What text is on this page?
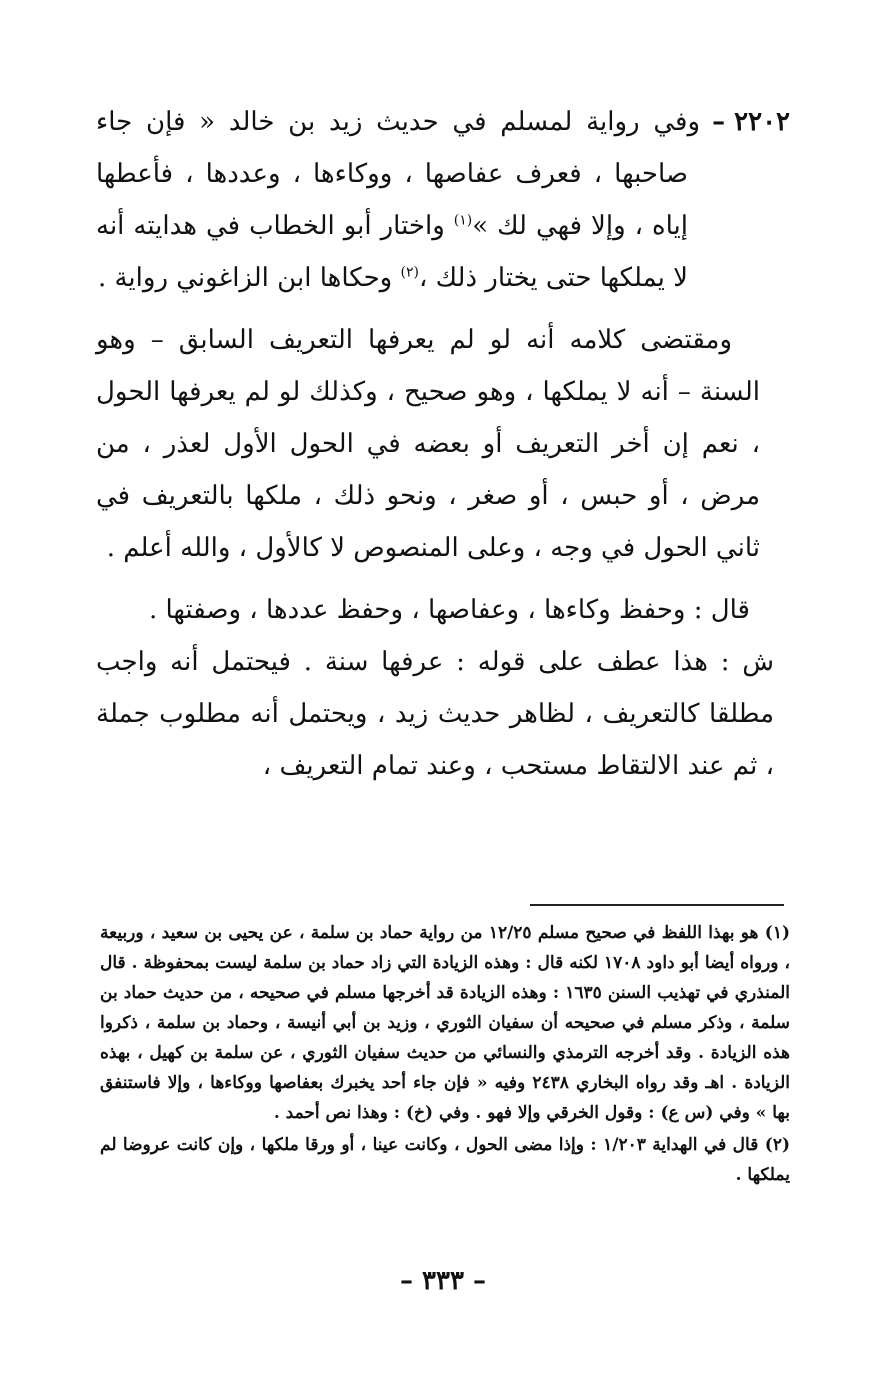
٢٢٠٢ –وفي رواية لمسلم في حديث زيد بن خالد « فإن جاء صاحبها ، فعرف عفاصها ، ووكاءها ، وعددها ، فأعطها إياه ، وإلا فهي لك »$^{(١)}$ واختار أبو الخطاب في هدايته أنه لا يملكها حتى يختار ذلك ،$^{(٢)}$ وحكاها ابن الزاغوني رواية .

ومقتضى كلامه أنه لو لم يعرفها التعريف السابق – وهو السنة – أنه لا يملكها ، وهو صحيح ، وكذلك لو لم يعرفها الحول ، نعم إن أخر التعريف أو بعضه في الحول الأول لعذر ، من مرض ، أو حبس ، أو صغر ، ونحو ذلك ، ملكها بالتعريف في ثاني الحول في وجه ، وعلى المنصوص لا كالأول ، والله أعلم .

قال : وحفظ وكاءها ، وعفاصها ، وحفظ عددها ، وصفتها .

ش : هذا عطف على قوله : عرفها سنة . فيحتمل أنه واجب مطلقا كالتعريف ، لظاهر حديث زيد ، ويحتمل أنه مطلوب جملة ، ثم عند الالتقاط مستحب ، وعند تمام التعريف ،

(١) هو بهذا اللفظ في صحيح مسلم ١٢/٢٥ من رواية حماد بن سلمة ، عن يحيى بن سعيد ، وربيعة ، ورواه أيضا أبو داود ١٧٠٨ لكنه قال : وهذه الزيادة التي زاد حماد بن سلمة ليست بمحفوظة . قال المنذري في تهذيب السنن ١٦٣٥ : وهذه الزيادة قد أخرجها مسلم في صحيحه ، من حديث حماد بن سلمة ، وذكر مسلم في صحيحه أن سفيان الثوري ، وزيد بن أبي أنيسة ، وحماد بن سلمة ، ذكروا هذه الزيادة . وقد أخرجه الترمذي والنسائي من حديث سفيان الثوري ، عن سلمة بن كهيل ، بهذه الزيادة . اهـ وقد رواه البخاري ٢٤٣٨ وفيه « فإن جاء أحد يخبرك بعفاصها ووكاءها ، وإلا فاستنفق بها » وفي (س ع) : وقول الخرقي وإلا فهو . وفي (خ) : وهذا نص أحمد .

(٢) قال في الهداية ١/٢٠٣ : وإذا مضى الحول ، وكانت عينا ، أو ورقا ملكها ، وإن كانت عروضا لم يملكها .

– ٣٣٣ –
